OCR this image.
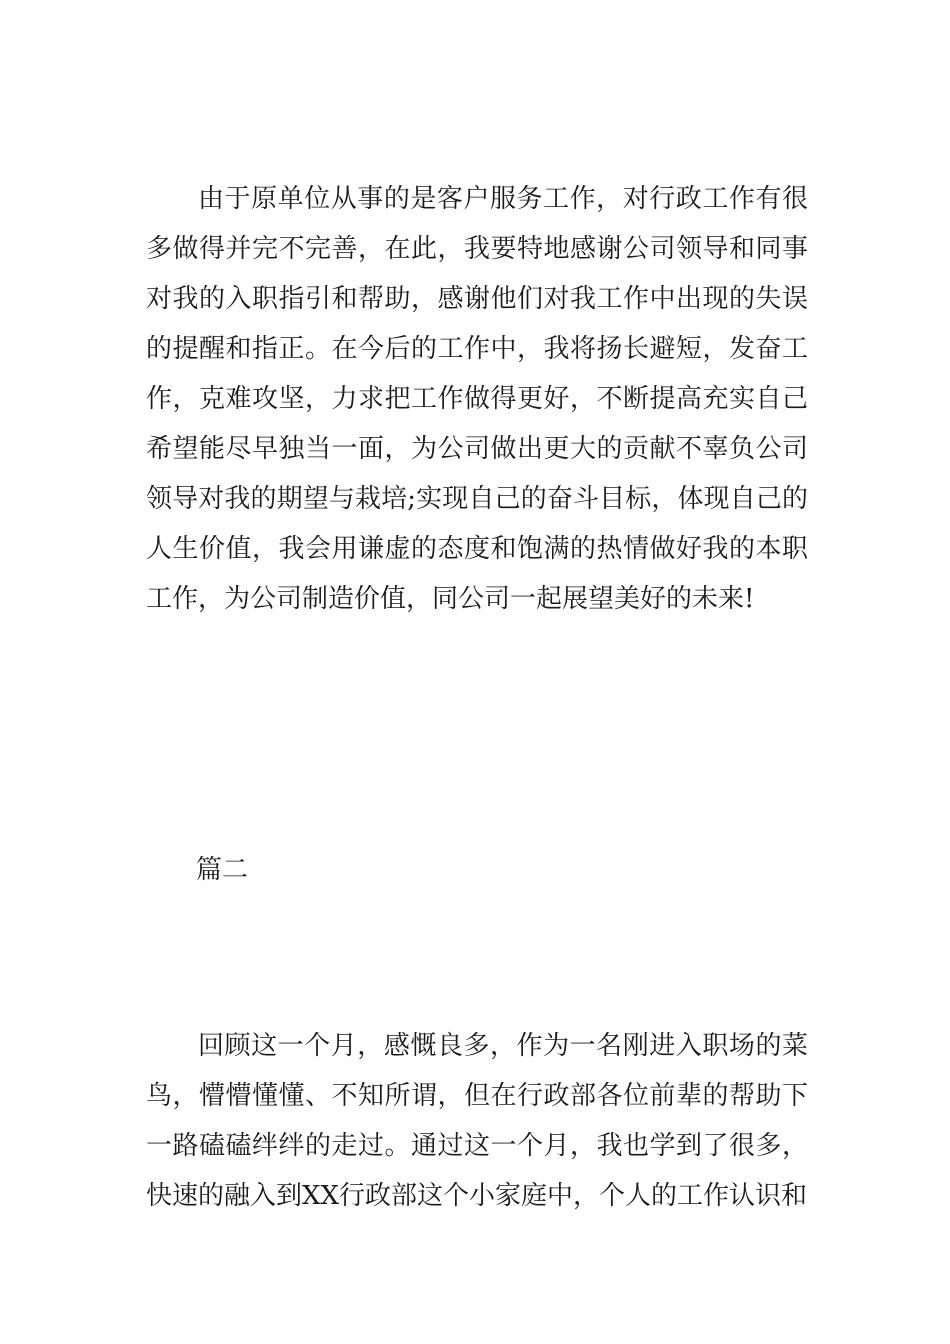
由于原单位从事的是客户服务工作，对行政工作有很多做得并完不完善，在此，我要特地感谢公司领导和同事对我的入职指引和帮助，感谢他们对我工作中出现的失误的提醒和指正。在今后的工作中，我将扬长避短，发奋工作，克难攻坚，力求把工作做得更好，不断提高充实自己希望能尽早独当一面，为公司做出更大的贡献不辜负公司领导对我的期望与栽培;实现自己的奋斗目标，体现自己的人生价值，我会用谦虚的态度和饱满的热情做好我的本职工作，为公司制造价值，同公司一起展望美好的未来!

篇二

回顾这一个月，感慨良多，作为一名刚进入职场的菜鸟，懵懵懂懂、不知所谓，但在行政部各位前辈的帮助下一路磕磕绊绊的走过。通过这一个月，我也学到了很多，快速的融入到XX行政部这个小家庭中，个人的工作认识和
